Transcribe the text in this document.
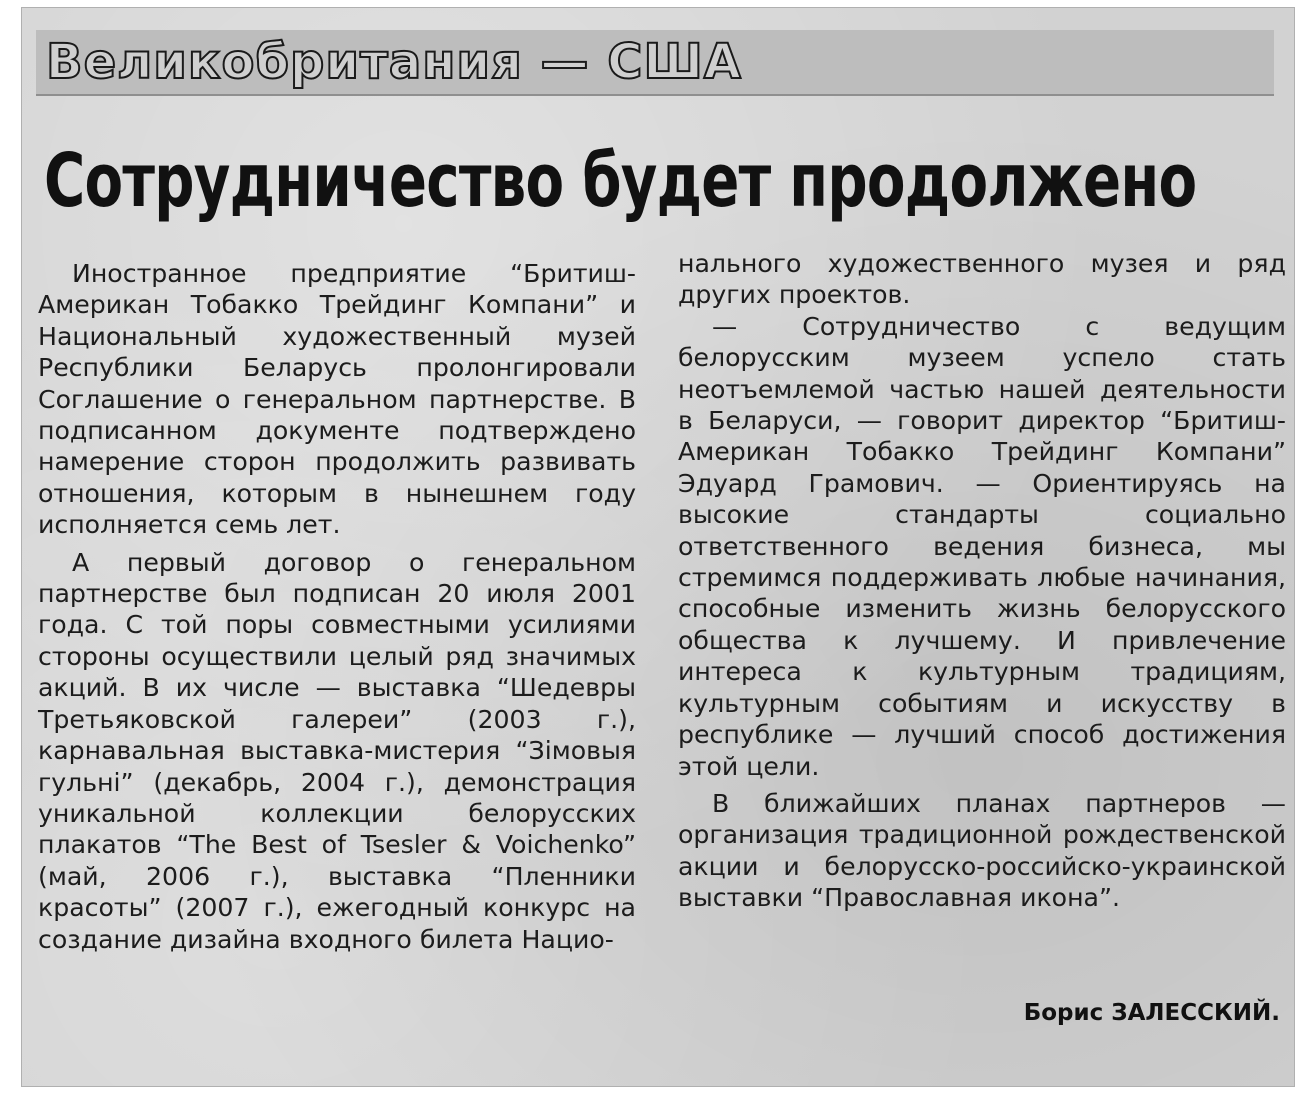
Великобритания — США
Сотрудничество будет продолжено

Иностранное предприятие “Бритиш-Американ Тобакко Трейдинг Компани” и Национальный художественный музей Республики Беларусь пролонгировали Соглашение о генеральном партнерстве. В подписанном документе подтверждено намерение сторон продолжить развивать отношения, которым в нынешнем году исполняется семь лет.

А первый договор о генеральном партнерстве был подписан 20 июля 2001 года. С той поры совместными усилиями стороны осуществили целый ряд значимых акций. В их числе — выставка “Шедевры Третьяковской галереи” (2003 г.), карнавальная выставка-мистерия “Зімовыя гульні” (декабрь, 2004 г.), демонстрация уникальной коллекции белорусских плакатов “The Best of Tsesler & Voichenko” (май, 2006 г.), выставка “Пленники красоты” (2007 г.), ежегодный конкурс на создание дизайна входного билета Нацио-

нального художественного музея и ряд других проектов.

— Сотрудничество с ведущим белорусским музеем успело стать неотъемлемой частью нашей деятельности в Беларуси, — говорит директор “Бритиш-Американ Тобакко Трейдинг Компани” Эдуард Грамович. — Ориентируясь на высокие стандарты социально ответственного ведения бизнеса, мы стремимся поддерживать любые начинания, способные изменить жизнь белорусского общества к лучшему. И привлечение интереса к культурным традициям, культурным событиям и искусству в республике — лучший способ достижения этой цели.

В ближайших планах партнеров — организация традиционной рождественской акции и белорусско-российско-украинской выставки “Православная икона”.

Борис ЗАЛЕССКИЙ.
